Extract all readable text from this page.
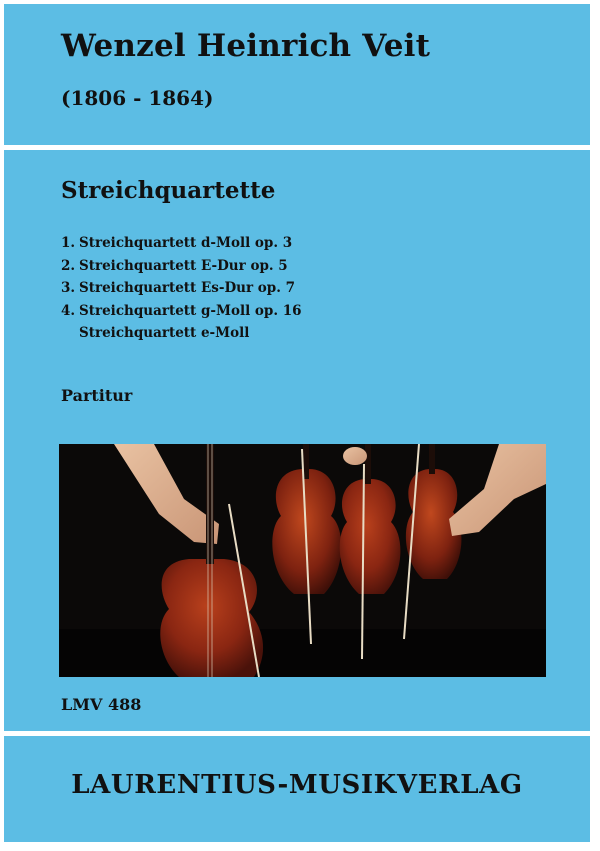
Wenzel Heinrich Veit
(1806 - 1864)
Streichquartette
1. Streichquartett d-Moll op. 3
2. Streichquartett E-Dur op. 5
3. Streichquartett Es-Dur op. 7
4. Streichquartett g-Moll op. 16
Streichquartett e-Moll
Partitur
LMV 488
LAURENTIUS-MUSIKVERLAG
